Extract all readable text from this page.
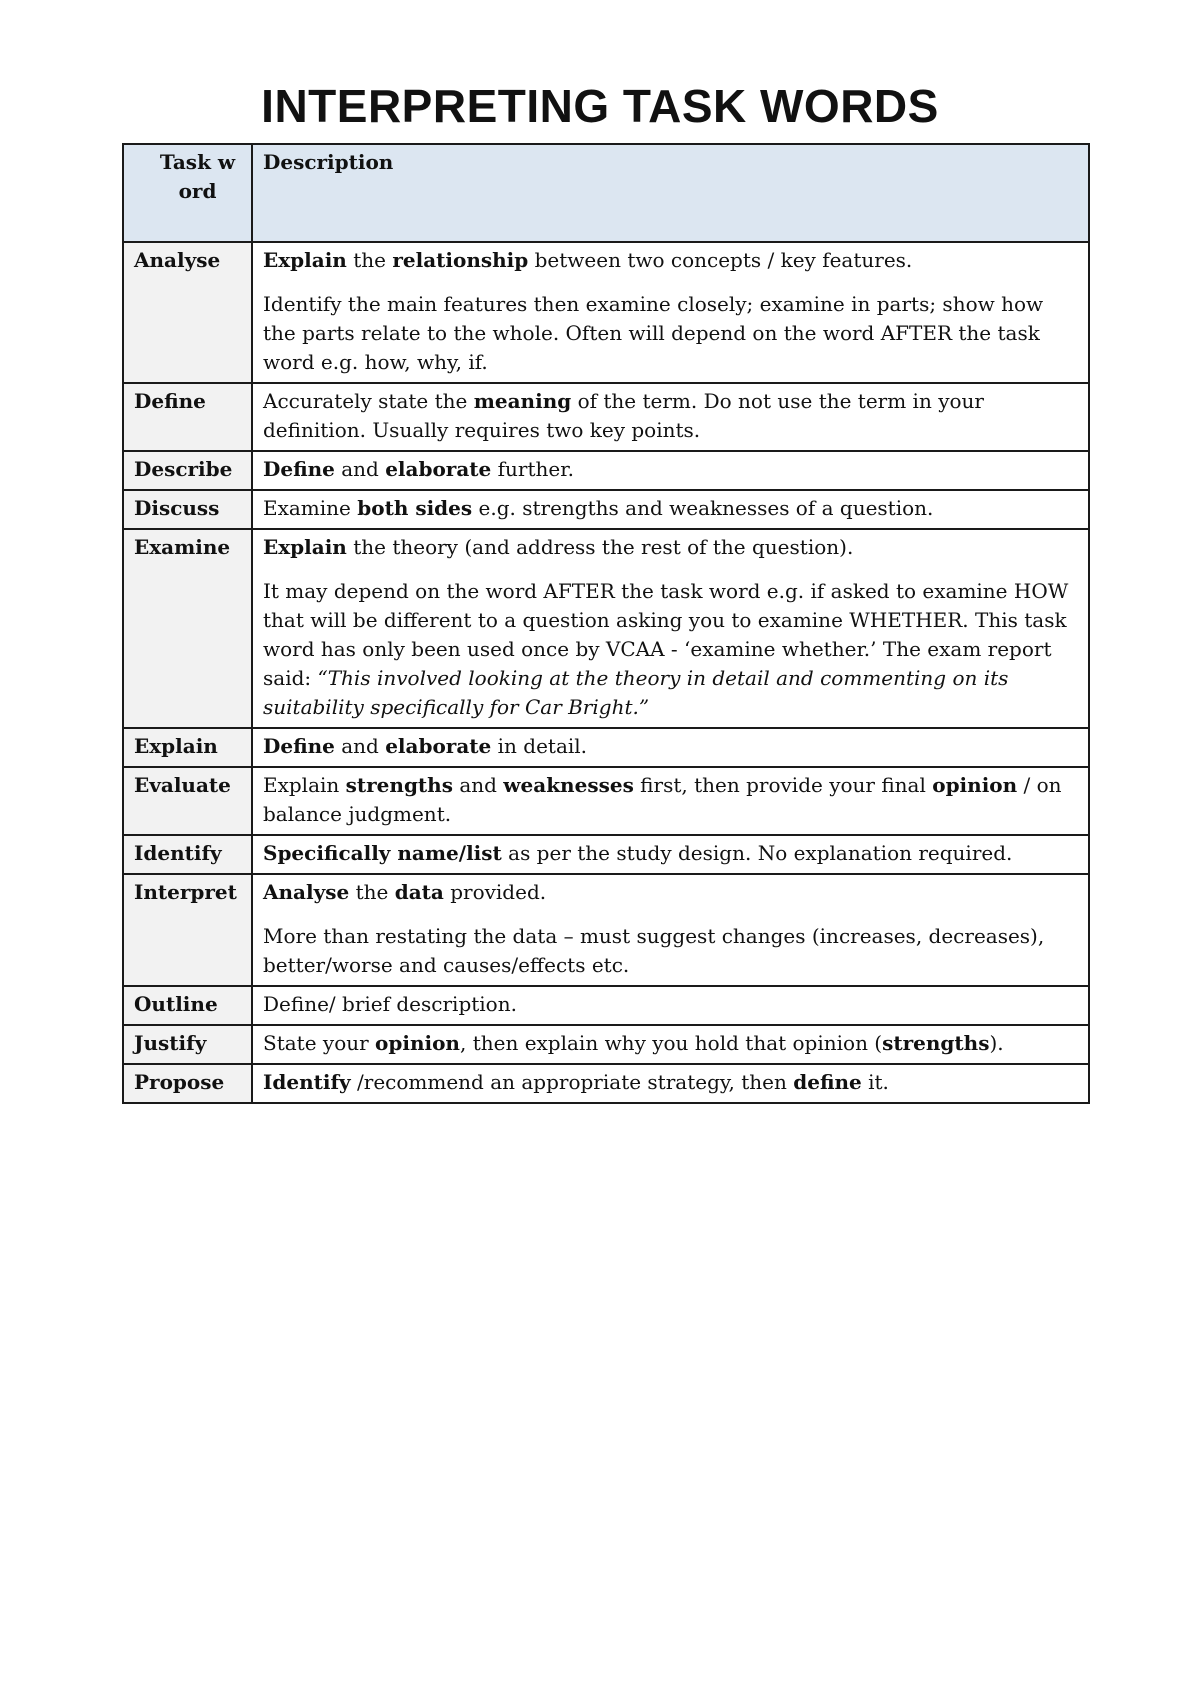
INTERPRETING TASK WORDS
Task word	Description
Analyse	Explain the relationship between two concepts / key features.

Identify the main features then examine closely; examine in parts; show how the parts relate to the whole. Often will depend on the word AFTER the task word e.g. how, why, if.

Define	Accurately state the meaning of the term. Do not use the term in your definition. Usually requires two key points.

Describe	Define and elaborate further.

Discuss	Examine both sides e.g. strengths and weaknesses of a question.

Examine	Explain the theory (and address the rest of the question).

It may depend on the word AFTER the task word e.g. if asked to examine HOW that will be different to a question asking you to examine WHETHER. This task word has only been used once by VCAA - ‘examine whether.’ The exam report said: “This involved looking at the theory in detail and commenting on its suitability specifically for Car Bright.”

Explain	Define and elaborate in detail.

Evaluate	Explain strengths and weaknesses first, then provide your final opinion / on balance judgment.

Identify	Specifically name/list as per the study design. No explanation required.

Interpret	Analyse the data provided.

More than restating the data – must suggest changes (increases, decreases), better/worse and causes/effects etc.

Outline	Define/ brief description.

Justify	State your opinion, then explain why you hold that opinion (strengths).

Propose	Identify /recommend an appropriate strategy, then define it.
